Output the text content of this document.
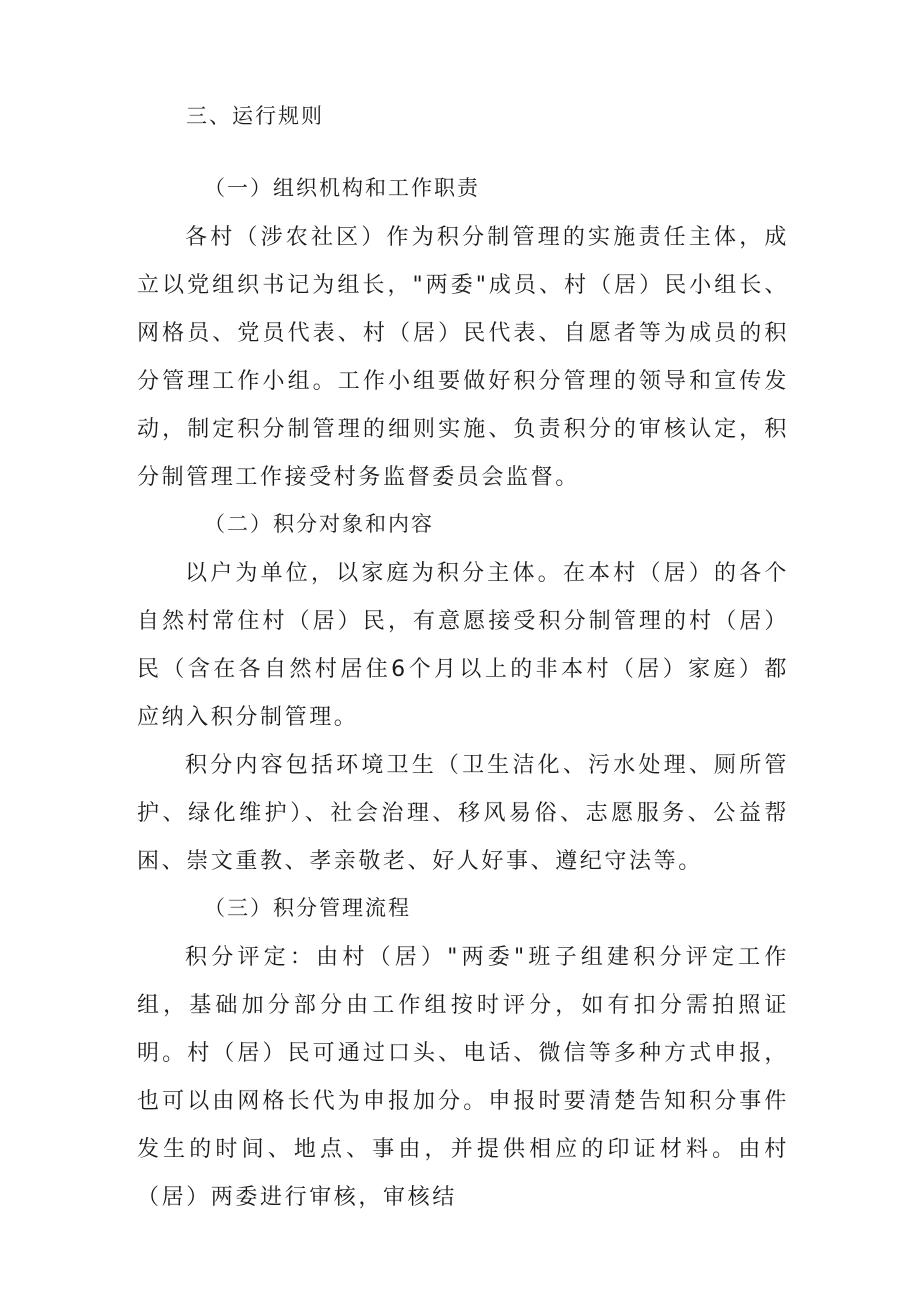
三、运行规则
（一）组织机构和工作职责

各村（涉农社区）作为积分制管理的实施责任主体，成立以党组织书记为组长，"两委"成员、村（居）民小组长、网格员、党员代表、村（居）民代表、自愿者等为成员的积分管理工作小组。工作小组要做好积分管理的领导和宣传发动，制定积分制管理的细则实施、负责积分的审核认定，积分制管理工作接受村务监督委员会监督。

（二）积分对象和内容

以户为单位，以家庭为积分主体。在本村（居）的各个自然村常住村（居）民，有意愿接受积分制管理的村（居）民（含在各自然村居住6个月以上的非本村（居）家庭）都应纳入积分制管理。

积分内容包括环境卫生（卫生洁化、污水处理、厕所管护、绿化维护）、社会治理、移风易俗、志愿服务、公益帮困、崇文重教、孝亲敬老、好人好事、遵纪守法等。

（三）积分管理流程

积分评定：由村（居）"两委"班子组建积分评定工作组，基础加分部分由工作组按时评分，如有扣分需拍照证明。村（居）民可通过口头、电话、微信等多种方式申报，也可以由网格长代为申报加分。申报时要清楚告知积分事件发生的时间、地点、事由，并提供相应的印证材料。由村（居）两委进行审核，审核结
